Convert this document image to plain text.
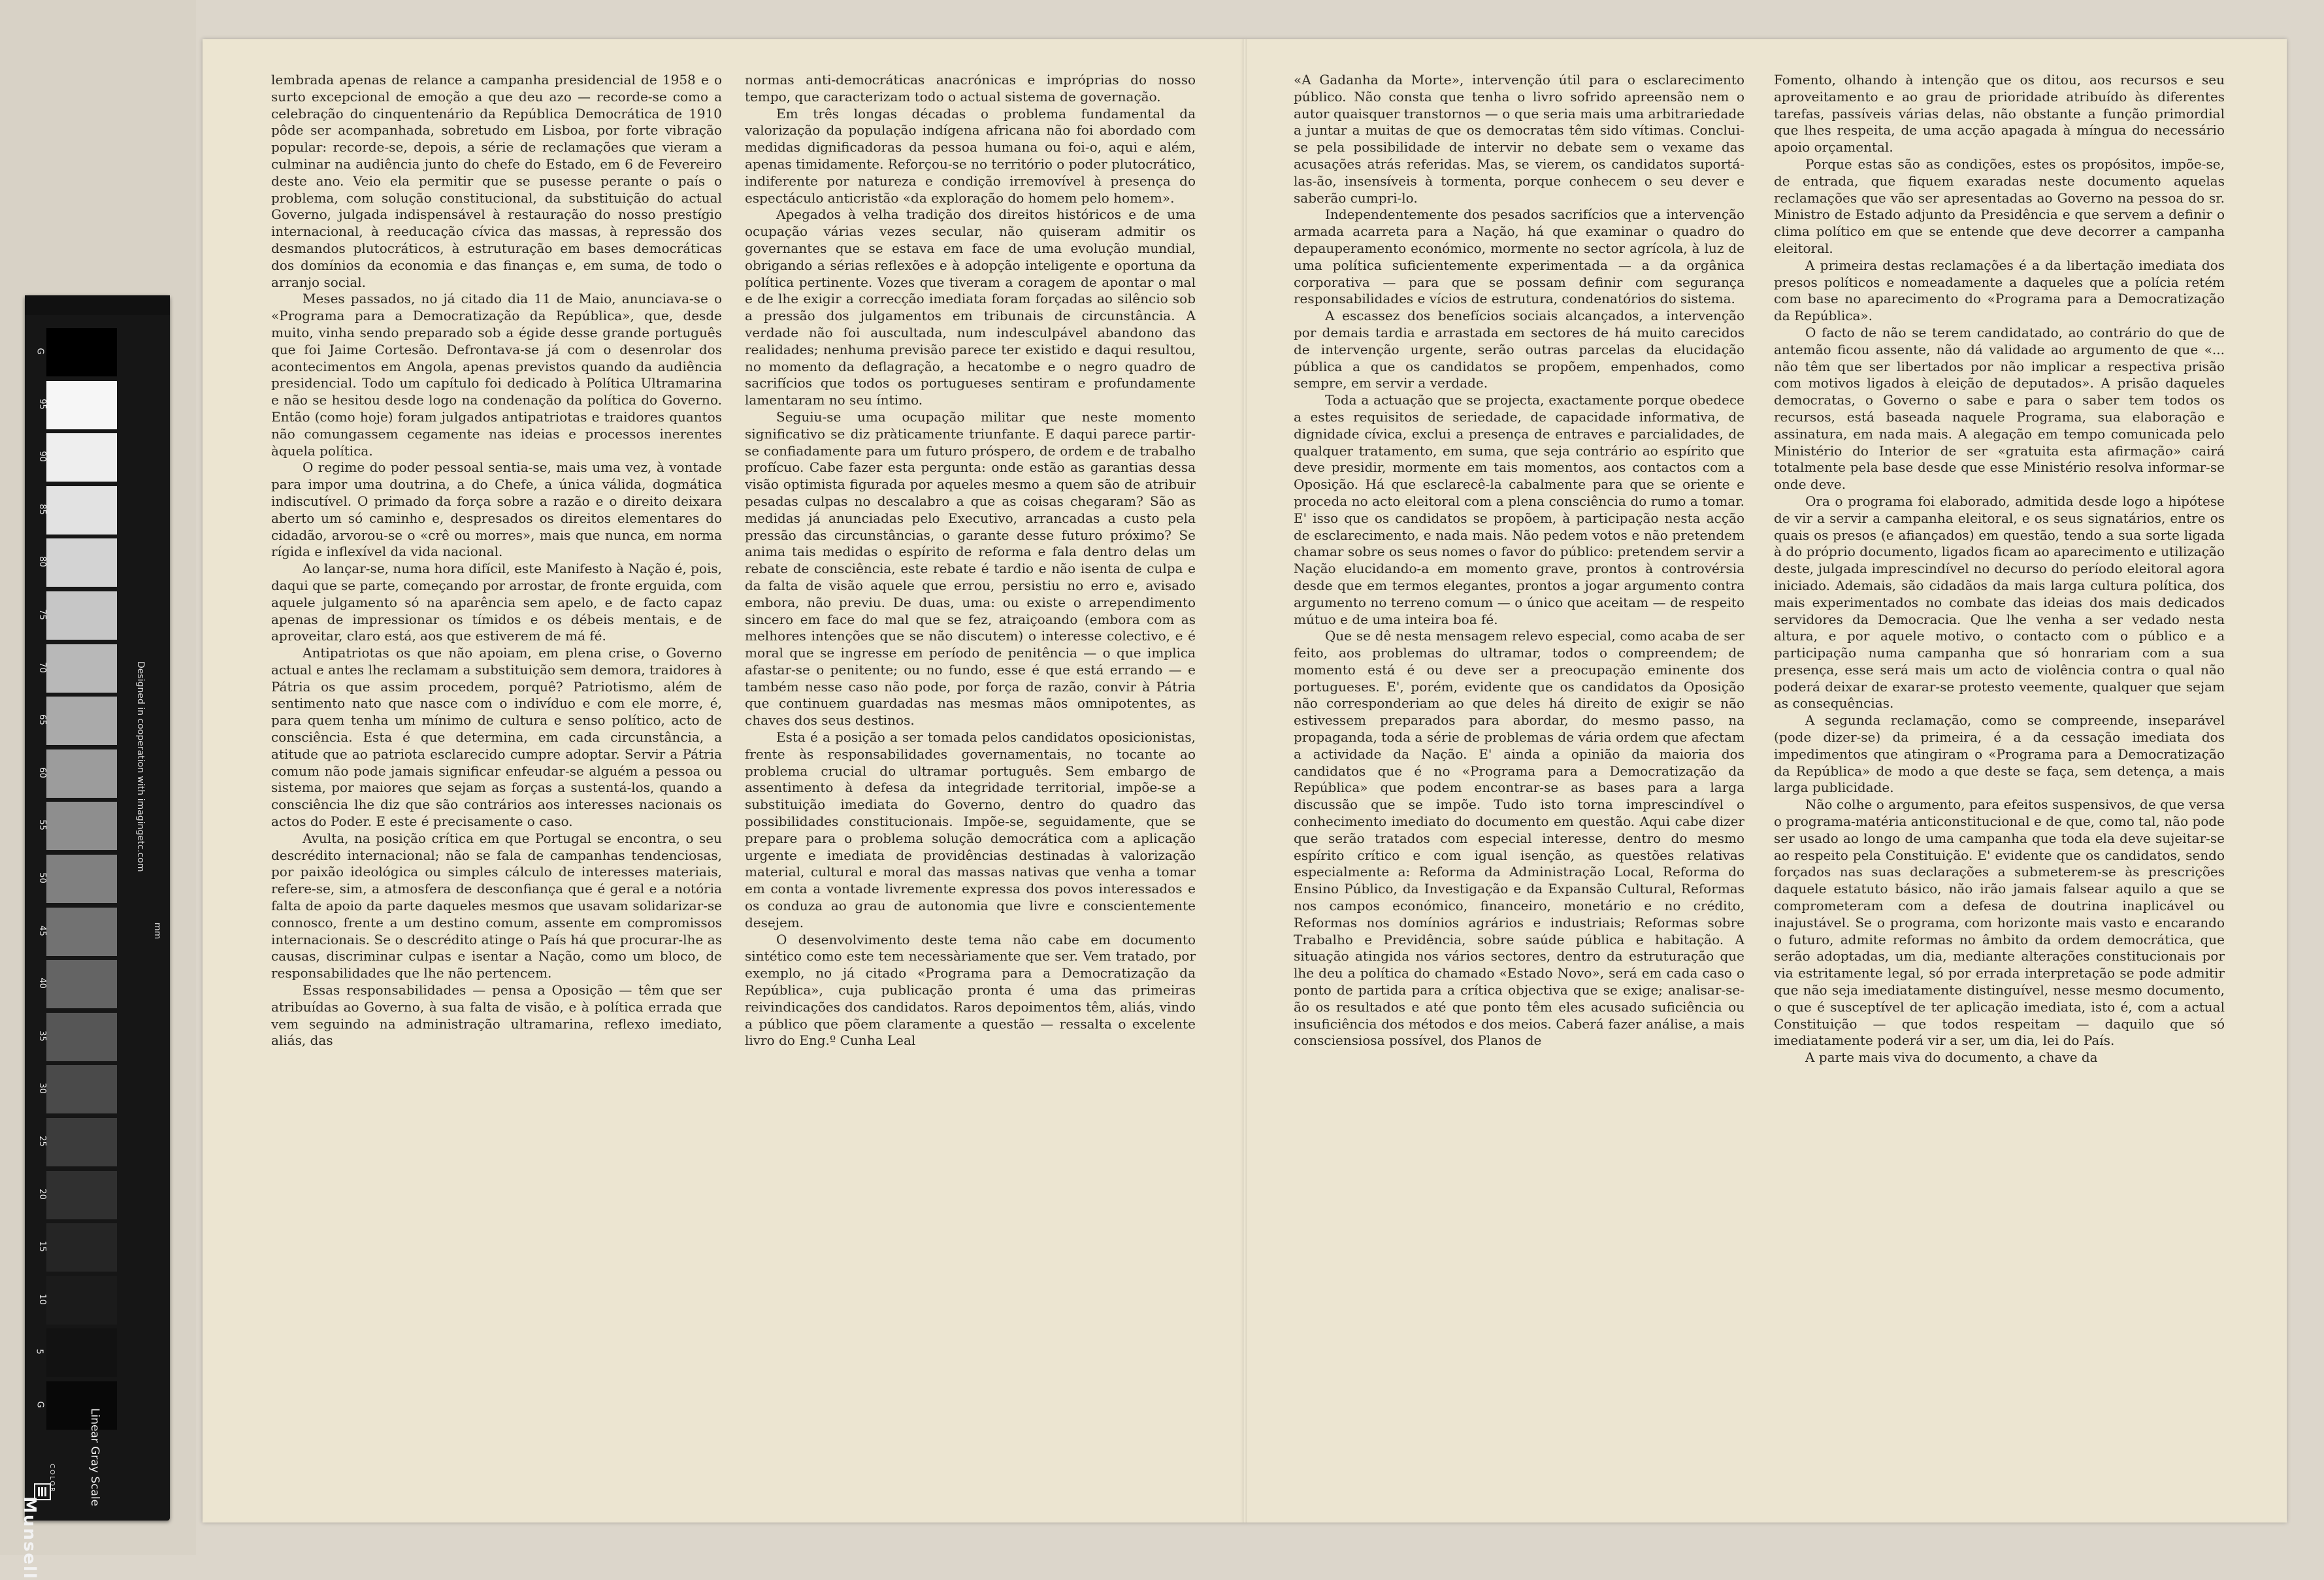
lembrada apenas de relance a campanha presidencial de 1958 e o surto excepcional de emoção a que deu azo — recorde-se como a celebração do cinquentenário da República Democrática de 1910 pôde ser acompanhada, sobretudo em Lisboa, por forte vibração popular: recorde-se, depois, a série de reclamações que vieram a culminar na audiência junto do chefe do Estado, em 6 de Fevereiro deste ano. Veio ela permitir que se pusesse perante o país o problema, com solução constitucional, da substituição do actual Governo, julgada indispensável à restauração do nosso prestígio internacional, à reeducação cívica das massas, à repressão dos desmandos plutocráticos, à estruturação em bases democráticas dos domínios da economia e das finanças e, em suma, de todo o arranjo social.

Meses passados, no já citado dia 11 de Maio, anunciava-se o «Programa para a Democratização da República», que, desde muito, vinha sendo preparado sob a égide desse grande português que foi Jaime Cortesão. Defrontava-se já com o desenrolar dos acontecimentos em Angola, apenas previstos quando da audiência presidencial. Todo um capítulo foi dedicado à Política Ultramarina e não se hesitou desde logo na condenação da política do Governo. Então (como hoje) foram julgados antipatriotas e traidores quantos não comungassem cegamente nas ideias e processos inerentes àquela política.

O regime do poder pessoal sentia-se, mais uma vez, à vontade para impor uma doutrina, a do Chefe, a única válida, dogmática indiscutível. O primado da força sobre a razão e o direito deixara aberto um só caminho e, despresados os direitos elementares do cidadão, arvorou-se o «crê ou morres», mais que nunca, em norma rígida e inflexível da vida nacional.

Ao lançar-se, numa hora difícil, este Manifesto à Nação é, pois, daqui que se parte, começando por arrostar, de fronte erguida, com aquele julgamento só na aparência sem apelo, e de facto capaz apenas de impressionar os tímidos e os débeis mentais, e de aproveitar, claro está, aos que estiverem de má fé.

Antipatriotas os que não apoiam, em plena crise, o Governo actual e antes lhe reclamam a substituição sem demora, traidores à Pátria os que assim procedem, porquê? Patriotismo, além de sentimento nato que nasce com o indivíduo e com ele morre, é, para quem tenha um mínimo de cultura e senso político, acto de consciência. Esta é que determina, em cada circunstância, a atitude que ao patriota esclarecido cumpre adoptar. Servir a Pátria comum não pode jamais significar enfeudar-se alguém a pessoa ou sistema, por maiores que sejam as forças a sustentá-los, quando a consciência lhe diz que são contrários aos interesses nacionais os actos do Poder. E este é precisamente o caso.

Avulta, na posição crítica em que Portugal se encontra, o seu descrédito internacional; não se fala de campanhas tendenciosas, por paixão ideológica ou simples cálculo de interesses materiais, refere-se, sim, a atmosfera de desconfiança que é geral e a notória falta de apoio da parte daqueles mesmos que usavam solidarizar-se connosco, frente a um destino comum, assente em compromissos internacionais. Se o descrédito atinge o País há que procurar-lhe as causas, discriminar culpas e isentar a Nação, como um bloco, de responsabilidades que lhe não pertencem.

Essas responsabilidades — pensa a Oposição — têm que ser atribuídas ao Governo, à sua falta de visão, e à política errada que vem seguindo na administração ultramarina, reflexo imediato, aliás, das

normas anti-democráticas anacrónicas e impróprias do nosso tempo, que caracterizam todo o actual sistema de governação.

Em três longas décadas o problema fundamental da valorização da população indígena africana não foi abordado com medidas dignificadoras da pessoa humana ou foi-o, aqui e além, apenas timidamente. Reforçou-se no território o poder plutocrático, indiferente por natureza e condição irremovível à presença do espectáculo anticristão «da exploração do homem pelo homem».

Apegados à velha tradição dos direitos históricos e de uma ocupação várias vezes secular, não quiseram admitir os governantes que se estava em face de uma evolução mundial, obrigando a sérias reflexões e à adopção inteligente e oportuna da política pertinente. Vozes que tiveram a coragem de apontar o mal e de lhe exigir a correcção imediata foram forçadas ao silêncio sob a pressão dos julgamentos em tribunais de circunstância. A verdade não foi auscultada, num indesculpável abandono das realidades; nenhuma previsão parece ter existido e daqui resultou, no momento da deflagração, a hecatombe e o negro quadro de sacrifícios que todos os portugueses sentiram e profundamente lamentaram no seu íntimo.

Seguiu-se uma ocupação militar que neste momento significativo se diz pràticamente triunfante. E daqui parece partir-se confiadamente para um futuro próspero, de ordem e de trabalho profícuo. Cabe fazer esta pergunta: onde estão as garantias dessa visão optimista figurada por aqueles mesmo a quem são de atribuir pesadas culpas no descalabro a que as coisas chegaram? São as medidas já anunciadas pelo Executivo, arrancadas a custo pela pressão das circunstâncias, o garante desse futuro próximo? Se anima tais medidas o espírito de reforma e fala dentro delas um rebate de consciência, este rebate é tardio e não isenta de culpa e da falta de visão aquele que errou, persistiu no erro e, avisado embora, não previu. De duas, uma: ou existe o arrependimento sincero em face do mal que se fez, atraiçoando (embora com as melhores intenções que se não discutem) o interesse colectivo, e é moral que se ingresse em período de penitência — o que implica afastar-se o penitente; ou no fundo, esse é que está errando — e também nesse caso não pode, por força de razão, convir à Pátria que continuem guardadas nas mesmas mãos omnipotentes, as chaves dos seus destinos.

Esta é a posição a ser tomada pelos candidatos oposicionistas, frente às responsabilidades governamentais, no tocante ao problema crucial do ultramar português. Sem embargo de assentimento à defesa da integridade territorial, impõe-se a substituição imediata do Governo, dentro do quadro das possibilidades constitucionais. Impõe-se, seguidamente, que se prepare para o problema solução democrática com a aplicação urgente e imediata de providências destinadas à valorização material, cultural e moral das massas nativas que venha a tomar em conta a vontade livremente expressa dos povos interessados e os conduza ao grau de autonomia que livre e conscientemente desejem.

O desenvolvimento deste tema não cabe em documento sintético como este tem necessàriamente que ser. Vem tratado, por exemplo, no já citado «Programa para a Democratização da República», cuja publicação pronta é uma das primeiras reivindicações dos candidatos. Raros depoimentos têm, aliás, vindo a público que põem claramente a questão — ressalta o excelente livro do Eng.º Cunha Leal

«A Gadanha da Morte», intervenção útil para o esclarecimento público. Não consta que tenha o livro sofrido apreensão nem o autor quaisquer transtornos — o que seria mais uma arbitrariedade a juntar a muitas de que os democratas têm sido vítimas. Conclui-se pela possibilidade de intervir no debate sem o vexame das acusações atrás referidas. Mas, se vierem, os candidatos suportá-las-ão, insensíveis à tormenta, porque conhecem o seu dever e saberão cumpri-lo.

Independentemente dos pesados sacrifícios que a intervenção armada acarreta para a Nação, há que examinar o quadro do depauperamento económico, mormente no sector agrícola, à luz de uma política suficientemente experimentada — a da orgânica corporativa — para que se possam definir com segurança responsabilidades e vícios de estrutura, condenatórios do sistema.

A escassez dos benefícios sociais alcançados, a intervenção por demais tardia e arrastada em sectores de há muito carecidos de intervenção urgente, serão outras parcelas da elucidação pública a que os candidatos se propõem, empenhados, como sempre, em servir a verdade.

Toda a actuação que se projecta, exactamente porque obedece a estes requisitos de seriedade, de capacidade informativa, de dignidade cívica, exclui a presença de entraves e parcialidades, de qualquer tratamento, em suma, que seja contrário ao espírito que deve presidir, mormente em tais momentos, aos contactos com a Oposição. Há que esclarecê-la cabalmente para que se oriente e proceda no acto eleitoral com a plena consciência do rumo a tomar. E' isso que os candidatos se propõem, à participação nesta acção de esclarecimento, e nada mais. Não pedem votos e não pretendem chamar sobre os seus nomes o favor do público: pretendem servir a Nação elucidando-a em momento grave, prontos à controvérsia desde que em termos elegantes, prontos a jogar argumento contra argumento no terreno comum — o único que aceitam — de respeito mútuo e de uma inteira boa fé.

Que se dê nesta mensagem relevo especial, como acaba de ser feito, aos problemas do ultramar, todos o compreendem; de momento está é ou deve ser a preocupação eminente dos portugueses. E', porém, evidente que os candidatos da Oposição não corresponderiam ao que deles há direito de exigir se não estivessem preparados para abordar, do mesmo passo, na propaganda, toda a série de problemas de vária ordem que afectam a actividade da Nação. E' ainda a opinião da maioria dos candidatos que é no «Programa para a Democratização da República» que podem encontrar-se as bases para a larga discussão que se impõe. Tudo isto torna imprescindível o conhecimento imediato do documento em questão. Aqui cabe dizer que serão tratados com especial interesse, dentro do mesmo espírito crítico e com igual isenção, as questões relativas especialmente a: Reforma da Administração Local, Reforma do Ensino Público, da Investigação e da Expansão Cultural, Reformas nos campos económico, financeiro, monetário e no crédito, Reformas nos domínios agrários e industriais; Reformas sobre Trabalho e Previdência, sobre saúde pública e habitação. A situação atingida nos vários sectores, dentro da estruturação que lhe deu a política do chamado «Estado Novo», será em cada caso o ponto de partida para a crítica objectiva que se exige; analisar-se-ão os resultados e até que ponto têm eles acusado suficiência ou insuficiência dos métodos e dos meios. Caberá fazer análise, a mais consciensiosa possível, dos Planos de

Fomento, olhando à intenção que os ditou, aos recursos e seu aproveitamento e ao grau de prioridade atribuído às diferentes tarefas, passíveis várias delas, não obstante a função primordial que lhes respeita, de uma acção apagada à míngua do necessário apoio orçamental.

Porque estas são as condições, estes os propósitos, impõe-se, de entrada, que fiquem exaradas neste documento aquelas reclamações que vão ser apresentadas ao Governo na pessoa do sr. Ministro de Estado adjunto da Presidência e que servem a definir o clima político em que se entende que deve decorrer a campanha eleitoral.

A primeira destas reclamações é a da libertação imediata dos presos políticos e nomeadamente a daqueles que a polícia retém com base no aparecimento do «Programa para a Democratização da República».

O facto de não se terem candidatado, ao contrário do que de antemão ficou assente, não dá validade ao argumento de que «... não têm que ser libertados por não implicar a respectiva prisão com motivos ligados à eleição de deputados». A prisão daqueles democratas, o Governo o sabe e para o saber tem todos os recursos, está baseada naquele Programa, sua elaboração e assinatura, em nada mais. A alegação em tempo comunicada pelo Ministério do Interior de ser «gratuita esta afirmação» cairá totalmente pela base desde que esse Ministério resolva informar-se onde deve.

Ora o programa foi elaborado, admitida desde logo a hipótese de vir a servir a campanha eleitoral, e os seus signatários, entre os quais os presos (e afiançados) em questão, tendo a sua sorte ligada à do próprio documento, ligados ficam ao aparecimento e utilização deste, julgada imprescindível no decurso do período eleitoral agora iniciado. Ademais, são cidadãos da mais larga cultura política, dos mais experimentados no combate das ideias dos mais dedicados servidores da Democracia. Que lhe venha a ser vedado nesta altura, e por aquele motivo, o contacto com o público e a participação numa campanha que só honrariam com a sua presença, esse será mais um acto de violência contra o qual não poderá deixar de exarar-se protesto veemente, qualquer que sejam as consequências.

A segunda reclamação, como se compreende, inseparável (pode dizer-se) da primeira, é a da cessação imediata dos impedimentos que atingiram o «Programa para a Democratização da República» de modo a que deste se faça, sem detença, a mais larga publicidade.

Não colhe o argumento, para efeitos suspensivos, de que versa o programa-matéria anticonstitucional e de que, como tal, não pode ser usado ao longo de uma campanha que toda ela deve sujeitar-se ao respeito pela Constituição. E' evidente que os candidatos, sendo forçados nas suas declarações a submeterem-se às prescrições daquele estatuto básico, não irão jamais falsear aquilo a que se comprometeram com a defesa de doutrina inaplicável ou inajustável. Se o programa, com horizonte mais vasto e encarando o futuro, admite reformas no âmbito da ordem democrática, que serão adoptadas, um dia, mediante alterações constitucionais por via estritamente legal, só por errada interpretação se pode admitir que não seja imediatamente distinguível, nesse mesmo documento, o que é susceptível de ter aplicação imediata, isto é, com a actual Constituição — que todos respeitam — daquilo que só imediatamente poderá vir a ser, um dia, lei do País.

A parte mais viva do documento, a chave da

G
95
90
85
80
75
70
65
60
55
50
45
40
35
30
25
20
15
10
5
G
Designed in cooperation with imagingetc.com
mm
Linear Gray Scale
Munsell
COLOR
